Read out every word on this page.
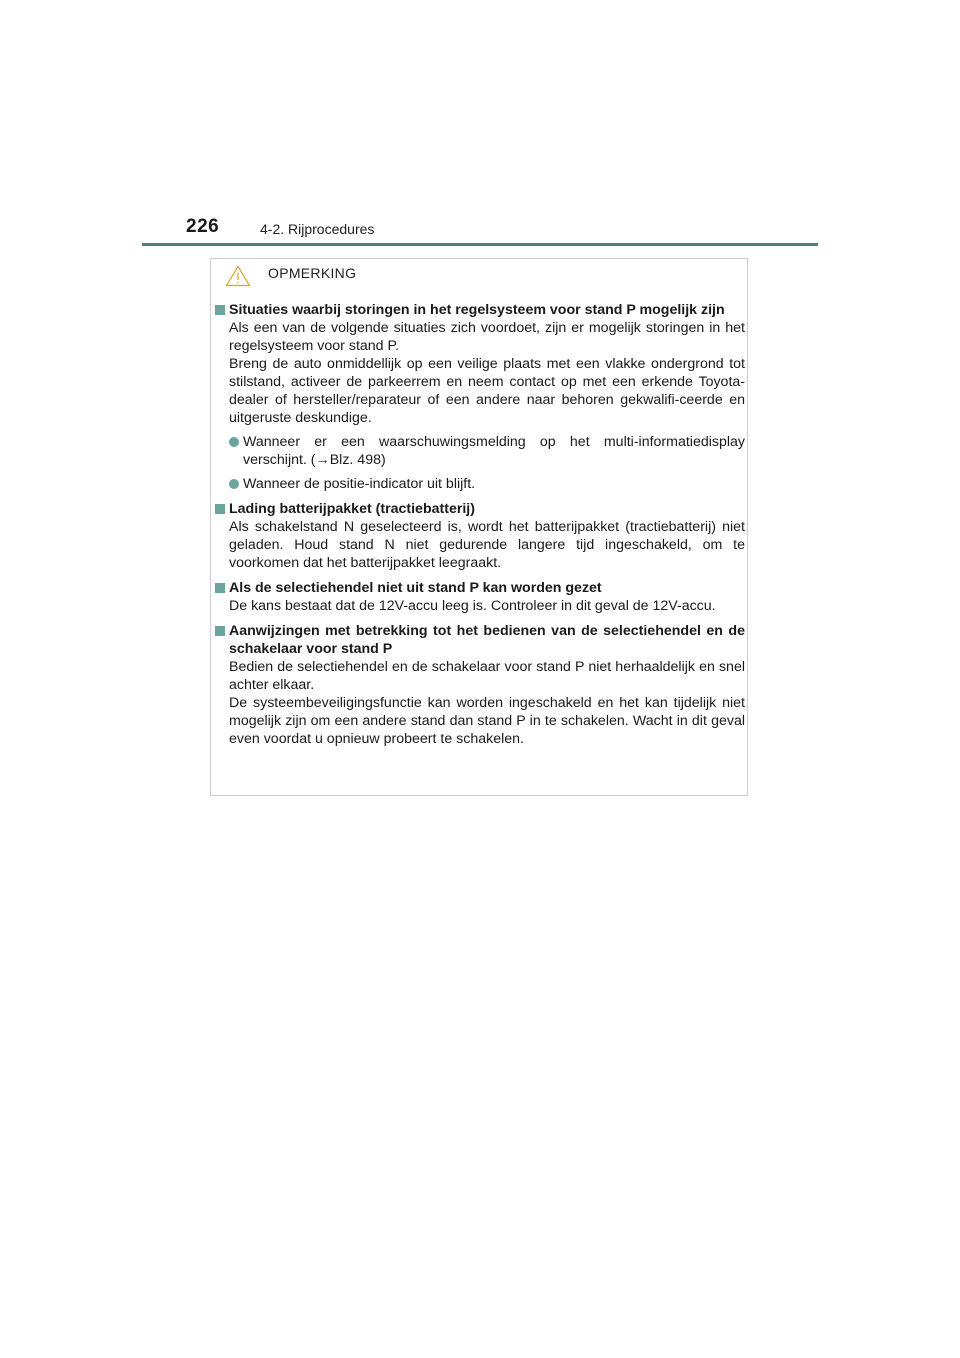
226	4-2. Rijprocedures
OPMERKING
Situaties waarbij storingen in het regelsysteem voor stand P mogelijk zijn
Als een van de volgende situaties zich voordoet, zijn er mogelijk storingen in het regelsysteem voor stand P.
Breng de auto onmiddellijk op een veilige plaats met een vlakke ondergrond tot stilstand, activeer de parkeerrem en neem contact op met een erkende Toyota-dealer of hersteller/reparateur of een andere naar behoren gekwalifi-ceerde en uitgeruste deskundige.
Wanneer er een waarschuwingsmelding op het multi-informatiedisplay verschijnt. (→Blz. 498)
Wanneer de positie-indicator uit blijft.
Lading batterijpakket (tractiebatterij)
Als schakelstand N geselecteerd is, wordt het batterijpakket (tractiebatterij) niet geladen. Houd stand N niet gedurende langere tijd ingeschakeld, om te voorkomen dat het batterijpakket leegraakt.
Als de selectiehendel niet uit stand P kan worden gezet
De kans bestaat dat de 12V-accu leeg is. Controleer in dit geval de 12V-accu.
Aanwijzingen met betrekking tot het bedienen van de selectiehendel en de schakelaar voor stand P
Bedien de selectiehendel en de schakelaar voor stand P niet herhaaldelijk en snel achter elkaar.
De systeembeveiligingsfunctie kan worden ingeschakeld en het kan tijdelijk niet mogelijk zijn om een andere stand dan stand P in te schakelen. Wacht in dit geval even voordat u opnieuw probeert te schakelen.
